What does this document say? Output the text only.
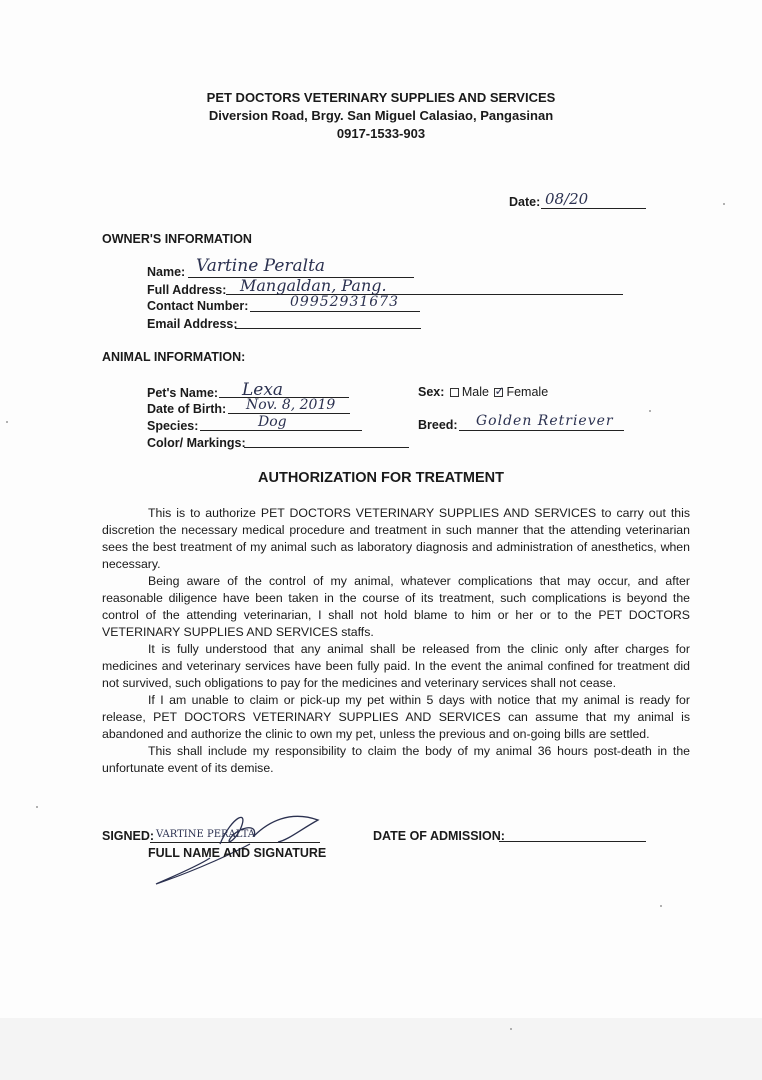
PET DOCTORS VETERINARY SUPPLIES AND SERVICES
Diversion Road, Brgy. San Miguel Calasiao, Pangasinan
0917-1533-903
Date: 08/20
OWNER'S INFORMATION
Name: Vartine Peralta
Full Address: Mangaldan, Pang.
Contact Number:	09952931673
Email Address:
ANIMAL INFORMATION:
Pet's Name: Lexa
Date of Birth: Nov. 8, 2019
Species:	Dog
Color/ Markings:
Sex: Male ✓ Female
Breed: Golden Retriever
AUTHORIZATION FOR TREATMENT

This is to authorize PET DOCTORS VETERINARY SUPPLIES AND SERVICES to carry out this discretion the necessary medical procedure and treatment in such manner that the attending veterinarian sees the best treatment of my animal such as laboratory diagnosis and administration of anesthetics, when necessary.

Being aware of the control of my animal, whatever complications that may occur, and after reasonable diligence have been taken in the course of its treatment, such complications is beyond the control of the attending veterinarian, I shall not hold blame to him or her or to the PET DOCTORS VETERINARY SUPPLIES AND SERVICES staffs.

It is fully understood that any animal shall be released from the clinic only after charges for medicines and veterinary services have been fully paid. In the event the animal confined for treatment did not survived, such obligations to pay for the medicines and veterinary services shall not cease.

If I am unable to claim or pick-up my pet within 5 days with notice that my animal is ready for release, PET DOCTORS VETERINARY SUPPLIES AND SERVICES can assume that my animal is abandoned and authorize the clinic to own my pet, unless the previous and on-going bills are settled.

This shall include my responsibility to claim the body of my animal 36 hours post-death in the unfortunate event of its demise.

SIGNED: VARTINE PERALTA
FULL NAME AND SIGNATURE
DATE OF ADMISSION:
